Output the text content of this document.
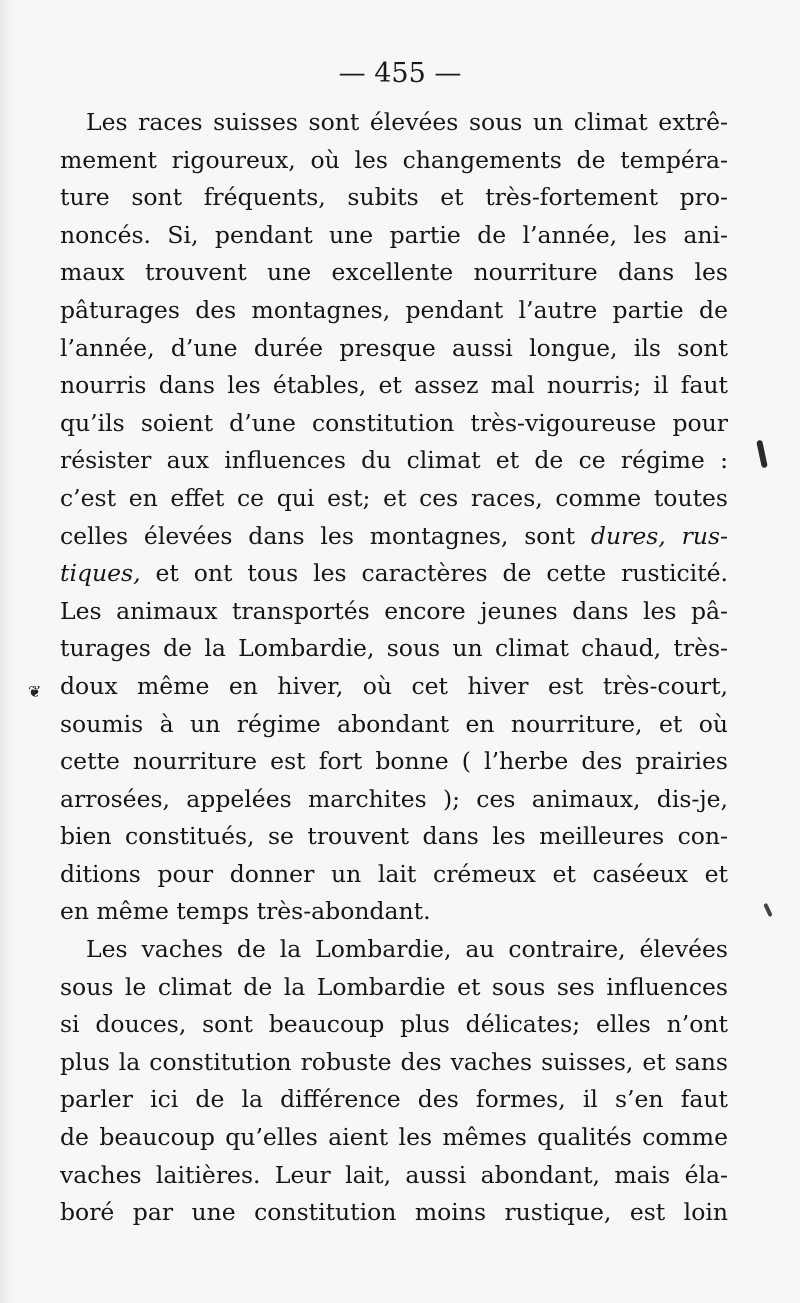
— 455 —
Les races suisses sont élevées sous un climat extrê-
mement rigoureux, où les changements de tempéra-
ture sont fréquents, subits et très-fortement pro-
noncés. Si, pendant une partie de l’année, les ani-
maux trouvent une excellente nourriture dans les
pâturages des montagnes, pendant l’autre partie de
l’année, d’une durée presque aussi longue, ils sont
nourris dans les étables, et assez mal nourris; il faut
qu’ils soient d’une constitution très-vigoureuse pour
résister aux influences du climat et de ce régime :
c’est en effet ce qui est; et ces races, comme toutes
celles élevées dans les montagnes, sont dures, rus-
tiques, et ont tous les caractères de cette rusticité.
Les animaux transportés encore jeunes dans les pâ-
turages de la Lombardie, sous un climat chaud, très-
doux même en hiver, où cet hiver est très-court,
soumis à un régime abondant en nourriture, et où
cette nourriture est fort bonne ( l’herbe des prairies
arrosées, appelées marchites ); ces animaux, dis-je,
bien constitués, se trouvent dans les meilleures con-
ditions pour donner un lait crémeux et caséeux et
en même temps très-abondant.
Les vaches de la Lombardie, au contraire, élevées
sous le climat de la Lombardie et sous ses influences
si douces, sont beaucoup plus délicates; elles n’ont
plus la constitution robuste des vaches suisses, et sans
parler ici de la différence des formes, il s’en faut
de beaucoup qu’elles aient les mêmes qualités comme
vaches laitières. Leur lait, aussi abondant, mais éla-
boré par une constitution moins rustique, est loin
❦
